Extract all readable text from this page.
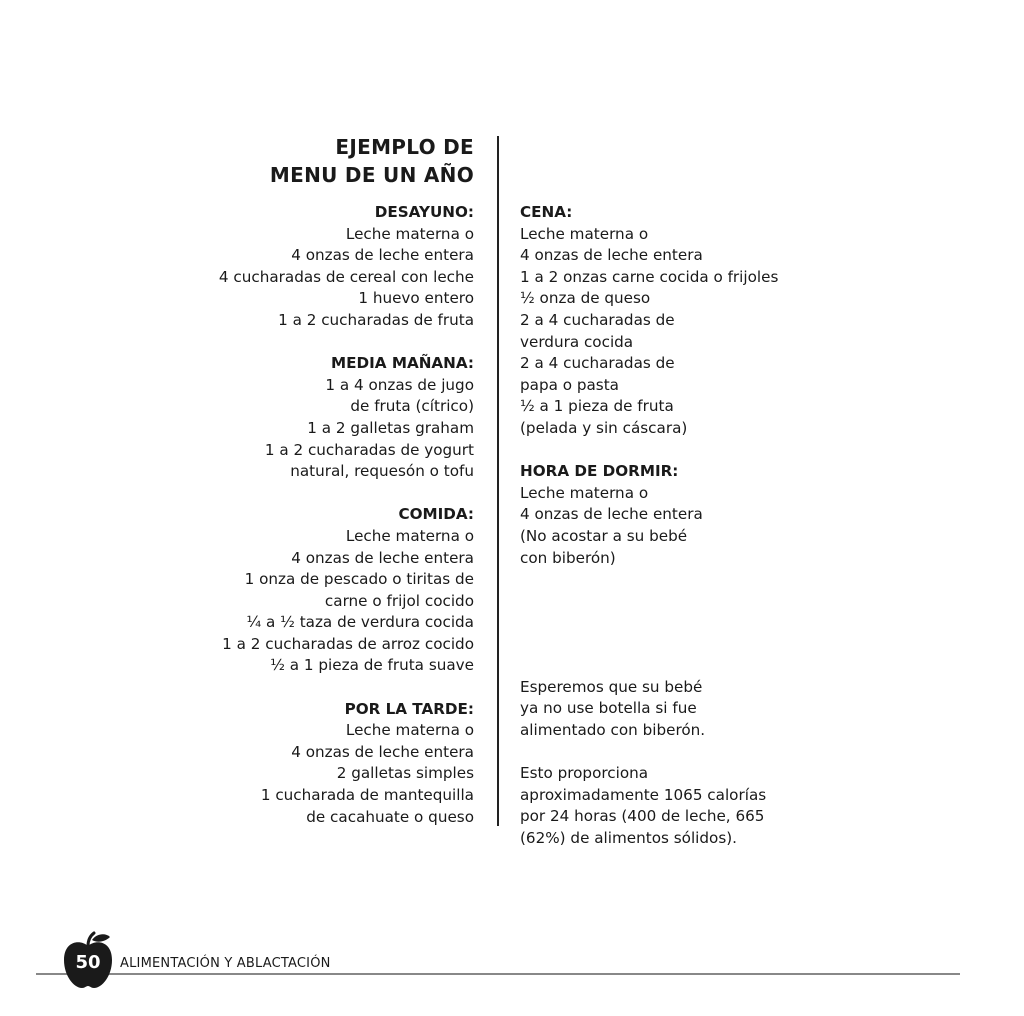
EJEMPLO DE
MENU DE UN AÑO
DESAYUNO:
Leche materna o
4 onzas de leche entera
4 cucharadas de cereal con leche
1 huevo entero
1 a 2 cucharadas de fruta
MEDIA MAÑANA:
1 a 4 onzas de jugo
de fruta (cítrico)
1 a 2 galletas graham
1 a 2 cucharadas de yogurt
natural, requesón o tofu
COMIDA:
Leche materna o
4 onzas de leche entera
1 onza de pescado o tiritas de
carne o frijol cocido
¼ a ½ taza de verdura cocida
1 a 2 cucharadas de arroz cocido
½ a 1 pieza de fruta suave
POR LA TARDE:
Leche materna o
4 onzas de leche entera
2 galletas simples
1 cucharada de mantequilla
de cacahuate o queso
CENA:
Leche materna o
4 onzas de leche entera
1 a 2 onzas carne cocida o frijoles
½ onza de queso
2 a 4 cucharadas de
verdura cocida
2 a 4 cucharadas de
papa o pasta
½ a 1 pieza de fruta
(pelada y sin cáscara)
HORA DE DORMIR:
Leche materna o
4 onzas de leche entera
(No acostar a su bebé
con biberón)
Esperemos que su bebé
ya no use botella si fue
alimentado con biberón.
Esto proporciona
aproximadamente 1065 calorías
por 24 horas (400 de leche, 665
(62%) de alimentos sólidos).
50	ALIMENTACIÓN Y ABLACTACIÓN
